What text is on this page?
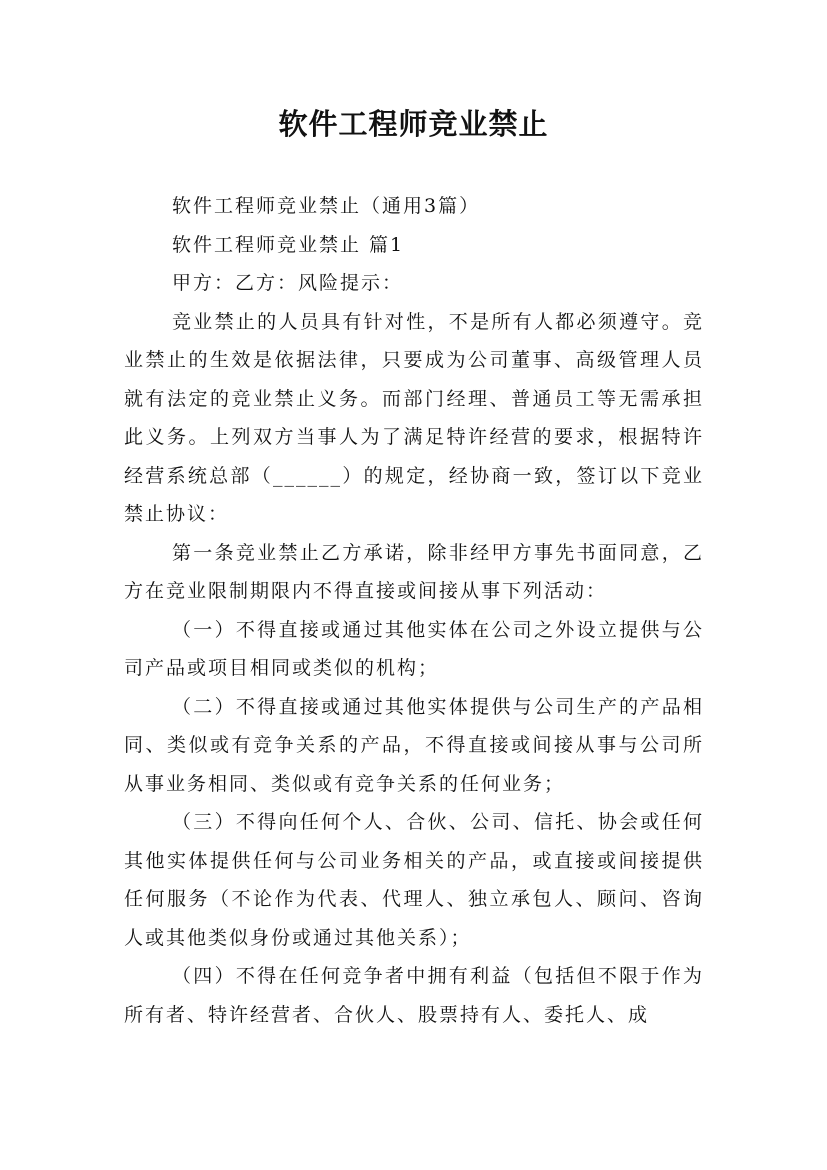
软件工程师竞业禁止

软件工程师竞业禁止（通用3篇）

软件工程师竞业禁止 篇1

甲方：乙方：风险提示：

竞业禁止的人员具有针对性，不是所有人都必须遵守。竞业禁止的生效是依据法律，只要成为公司董事、高级管理人员就有法定的竞业禁止义务。而部门经理、普通员工等无需承担此义务。上列双方当事人为了满足特许经营的要求，根据特许经营系统总部（______）的规定，经协商一致，签订以下竞业禁止协议：

第一条竞业禁止乙方承诺，除非经甲方事先书面同意，乙方在竞业限制期限内不得直接或间接从事下列活动：

（一）不得直接或通过其他实体在公司之外设立提供与公司产品或项目相同或类似的机构；

（二）不得直接或通过其他实体提供与公司生产的产品相同、类似或有竞争关系的产品，不得直接或间接从事与公司所从事业务相同、类似或有竞争关系的任何业务；

（三）不得向任何个人、合伙、公司、信托、协会或任何其他实体提供任何与公司业务相关的产品，或直接或间接提供任何服务（不论作为代表、代理人、独立承包人、顾问、咨询人或其他类似身份或通过其他关系）；

（四）不得在任何竞争者中拥有利益（包括但不限于作为所有者、特许经营者、合伙人、股票持有人、委托人、成
